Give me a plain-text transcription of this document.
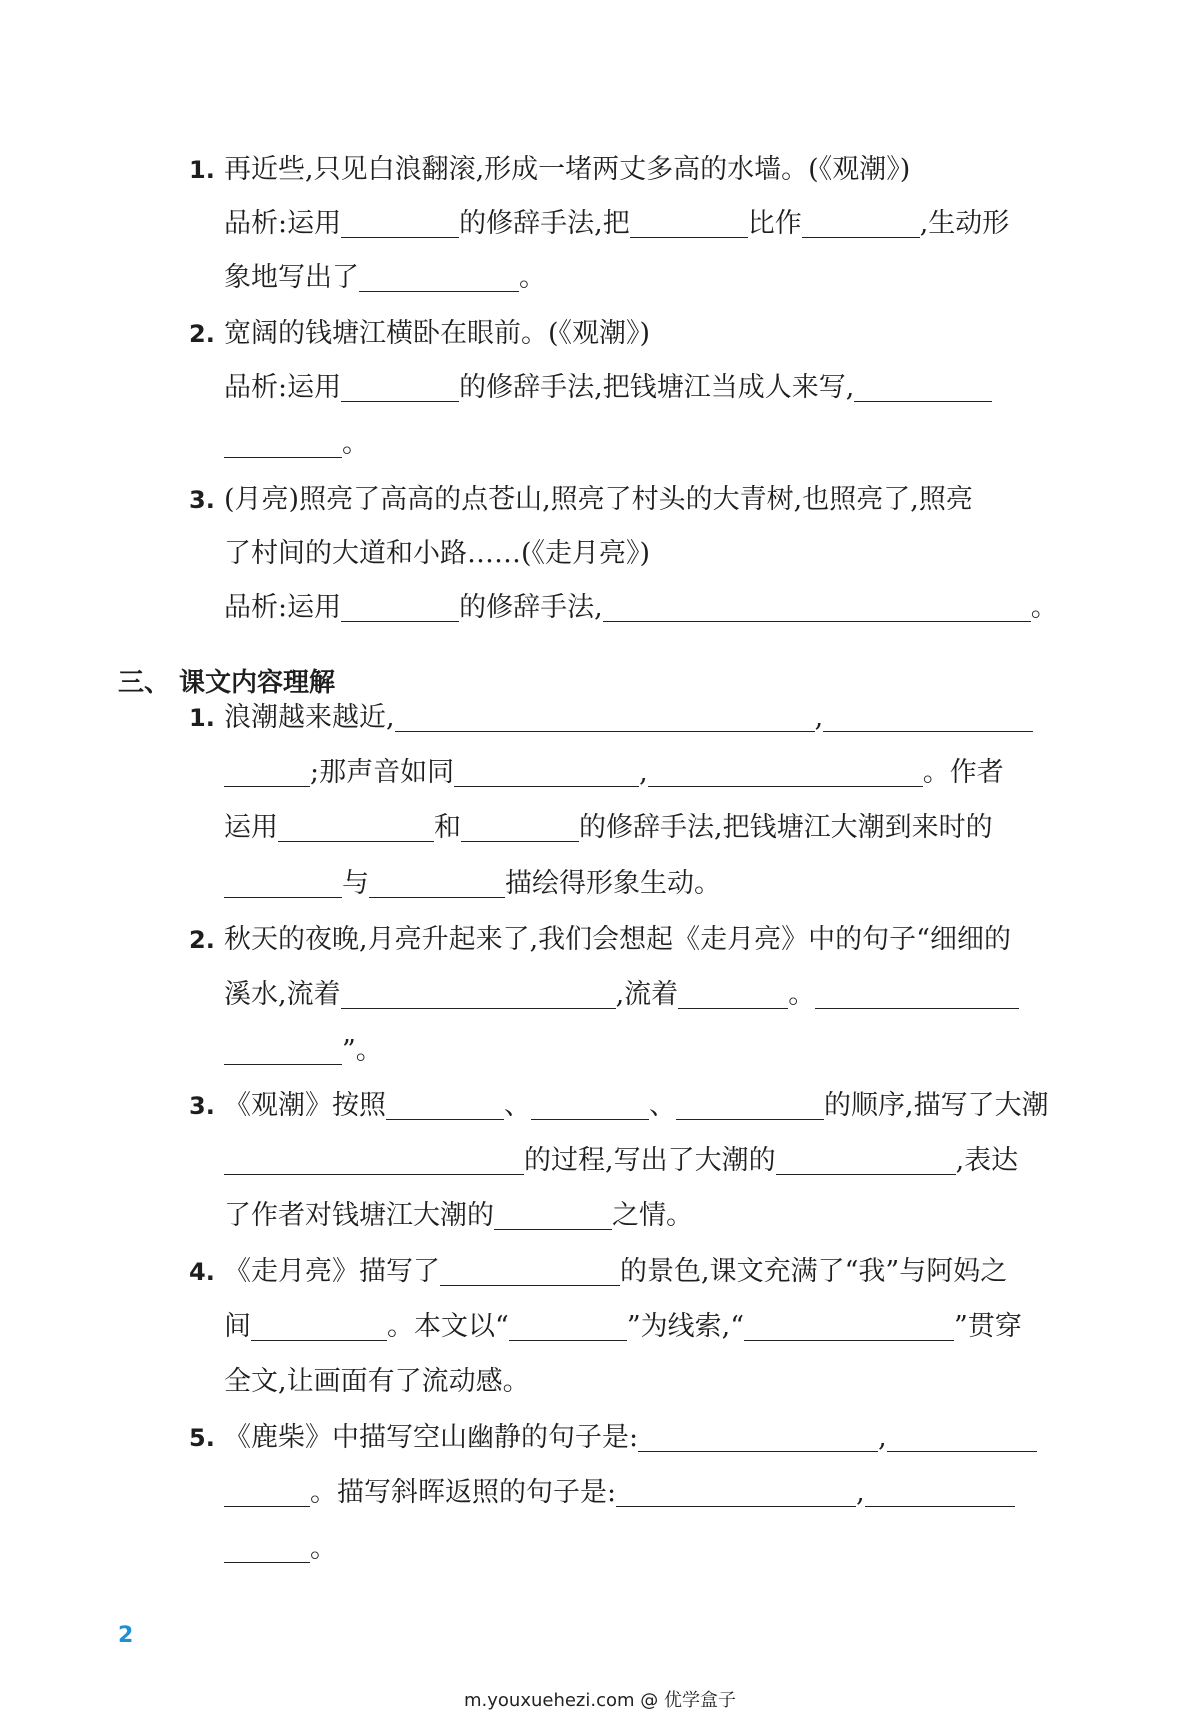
1. 再近些,只见白浪翻滚,形成一堵两丈多高的水墙。(《观潮》)
品析:运用	的修辞手法,把	比作	,生动形
象地写出了	。
2. 宽阔的钱塘江横卧在眼前。(《观潮》)
品析:运用	的修辞手法,把钱塘江当成人来写,
。
3. (月亮)照亮了高高的点苍山,照亮了村头的大青树,也照亮了,照亮
了村间的大道和小路……(《走月亮》)
品析:运用	的修辞手法,	。
1. 浪潮越来越近,	,
;那声音如同	,	。作者
运用	和	的修辞手法,把钱塘江大潮到来时的
与	描绘得形象生动。
2. 秋天的夜晚,月亮升起来了,我们会想起《走月亮》中的句子“细细的
溪水,流着	,流着	。
”。
3. 《观潮》按照	、	、	的顺序,描写了大潮
的过程,写出了大潮的	,表达
了作者对钱塘江大潮的	之情。
4. 《走月亮》描写了	的景色,课文充满了“我”与阿妈之
间	。本文以“	”为线索,“	”贯穿
全文,让画面有了流动感。
5. 《鹿柴》中描写空山幽静的句子是:	,
。描写斜晖返照的句子是:	,
。
三、 课文内容理解
2
m.youxuehezi.com @ 优学盒子
